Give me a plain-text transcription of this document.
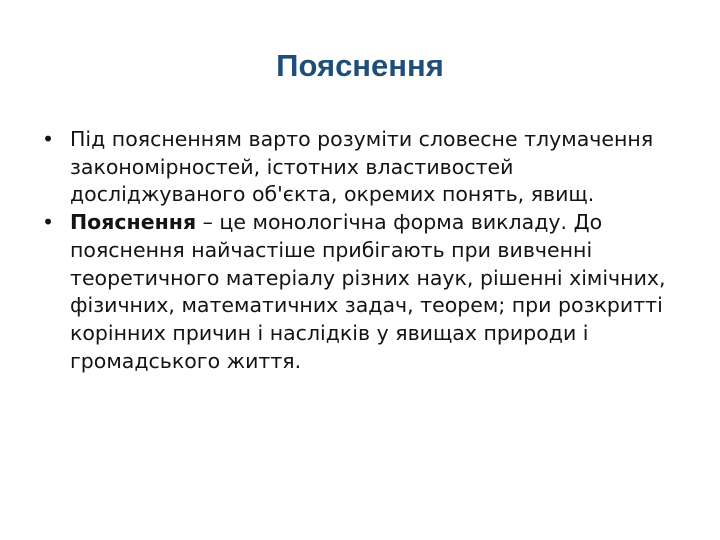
Пояснення
• Під поясненням варто розуміти словесне тлумачення закономірностей, істотних властивостей досліджуваного об'єкта, окремих понять, явищ.
• Пояснення – це монологічна форма викладу. До пояснення найчастіше прибігають при вивченні теоретичного матеріалу різних наук, рішенні хімічних, фізичних, математичних задач, теорем; при розкритті корінних причин і наслідків у явищах природи і громадського життя.
